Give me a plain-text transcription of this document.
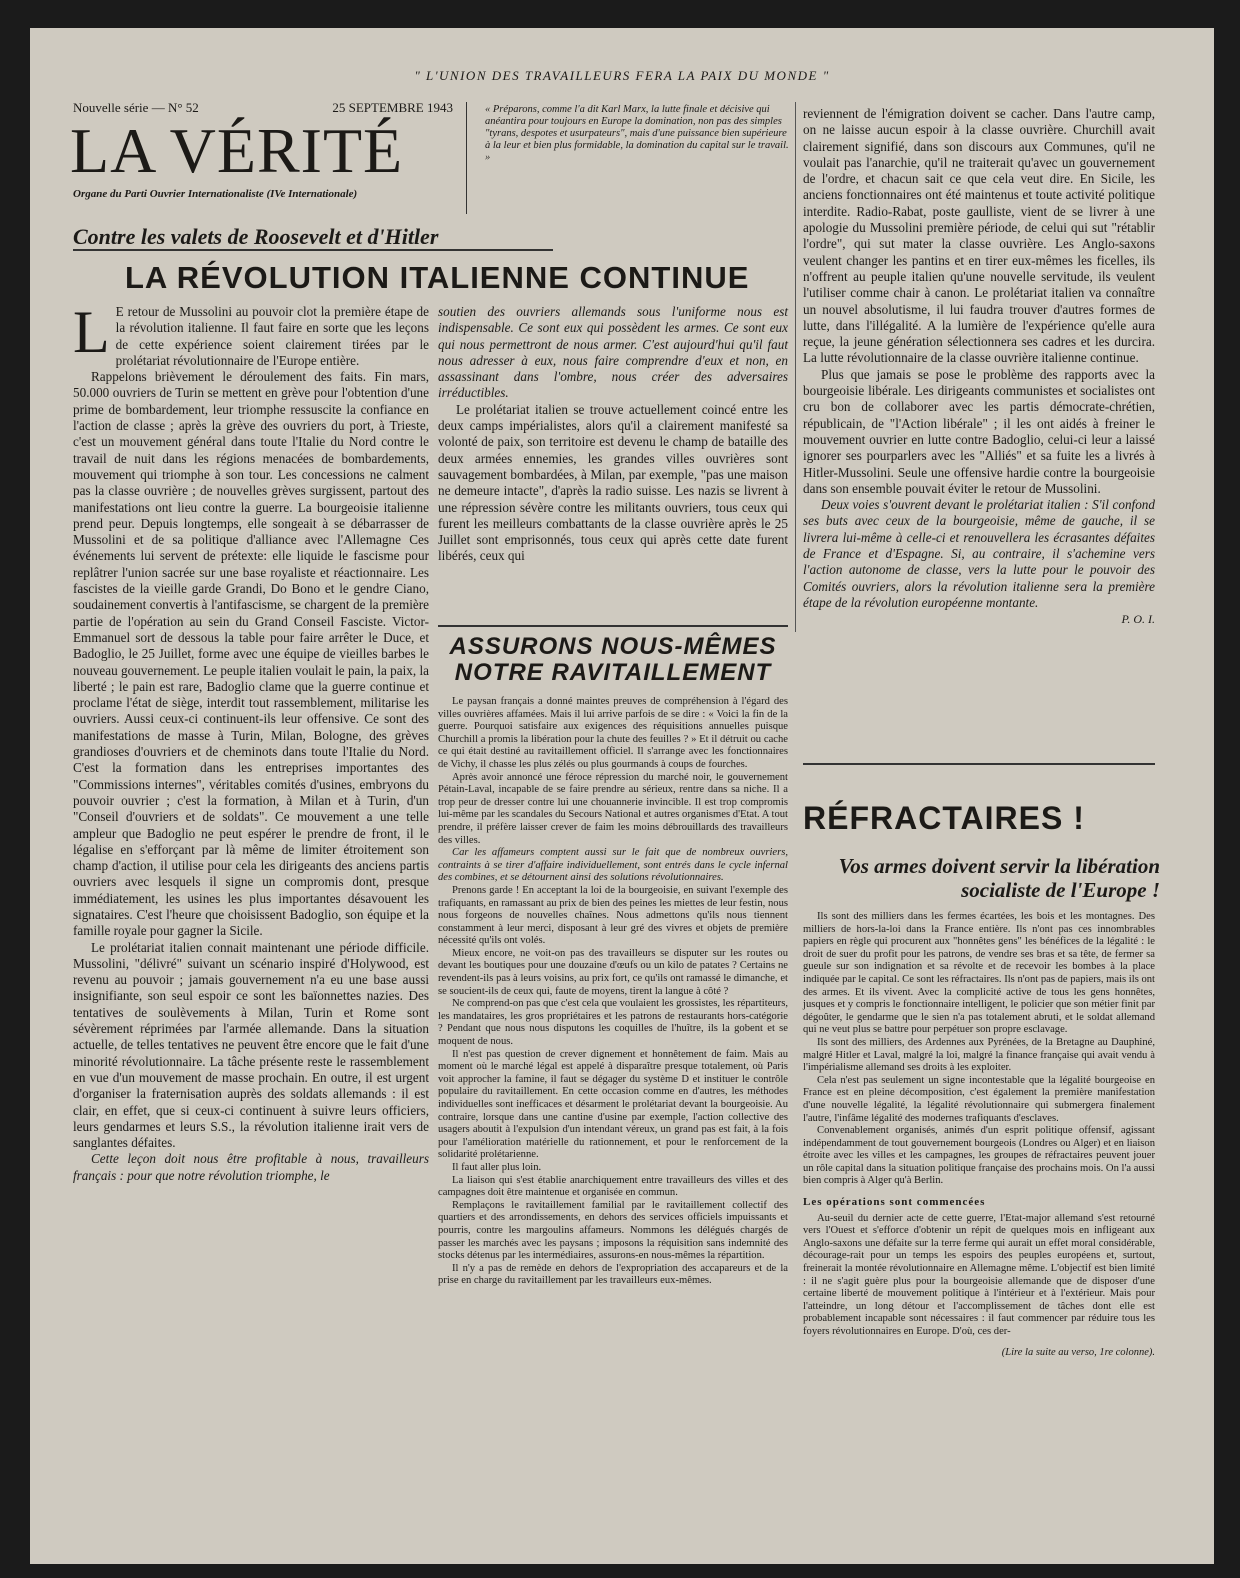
" L'UNION DES TRAVAILLEURS FERA LA PAIX DU MONDE "
Nouvelle série — N° 52	25 SEPTEMBRE 1943
LA VÉRITÉ
Organe du Parti Ouvrier Internationaliste (IVe Internationale)
« Préparons, comme l'a dit Karl Marx, la lutte finale et décisive qui anéantira pour toujours en Europe la domination, non pas des simples "tyrans, despotes et usurpateurs", mais d'une puissance bien supérieure à la leur et bien plus formidable, la domination du capital sur le travail. »
Contre les valets de Roosevelt et d'Hitler
LA RÉVOLUTION ITALIENNE CONTINUE

L E retour de Mussolini au pouvoir clot la première étape de la révolution italienne. Il faut faire en sorte que les leçons de cette expérience soient clairement tirées par le prolétariat révolutionnaire de l'Europe entière.

Rappelons brièvement le déroulement des faits. Fin mars, 50.000 ouvriers de Turin se mettent en grève pour l'obtention d'une prime de bombardement, leur triomphe ressuscite la confiance en l'action de classe ; après la grève des ouvriers du port, à Trieste, c'est un mouvement général dans toute l'Italie du Nord contre le travail de nuit dans les régions menacées de bombardements, mouvement qui triomphe à son tour. Les concessions ne calment pas la classe ouvrière ; de nouvelles grèves surgissent, partout des manifestations ont lieu contre la guerre. La bourgeoisie italienne prend peur. Depuis longtemps, elle songeait à se débarrasser de Mussolini et de sa politique d'alliance avec l'Allemagne Ces événements lui servent de prétexte: elle liquide le fascisme pour replâtrer l'union sacrée sur une base royaliste et réactionnaire. Les fascistes de la vieille garde Grandi, Do Bono et le gendre Ciano, soudainement convertis à l'antifascisme, se chargent de la première partie de l'opération au sein du Grand Conseil Fasciste. Victor-Emmanuel sort de dessous la table pour faire arrêter le Duce, et Badoglio, le 25 Juillet, forme avec une équipe de vieilles barbes le nouveau gouvernement. Le peuple italien voulait le pain, la paix, la liberté ; le pain est rare, Badoglio clame que la guerre continue et proclame l'état de siège, interdit tout rassemblement, militarise les ouvriers. Aussi ceux-ci continuent-ils leur offensive. Ce sont des manifestations de masse à Turin, Milan, Bologne, des grèves grandioses d'ouvriers et de cheminots dans toute l'Italie du Nord. C'est la formation dans les entreprises importantes des "Commissions internes", véritables comités d'usines, embryons du pouvoir ouvrier ; c'est la formation, à Milan et à Turin, d'un "Conseil d'ouvriers et de soldats". Ce mouvement a une telle ampleur que Badoglio ne peut espérer le prendre de front, il le légalise en s'efforçant par là même de limiter étroitement son champ d'action, il utilise pour cela les dirigeants des anciens partis ouvriers avec lesquels il signe un compromis dont, presque immédiatement, les usines les plus importantes désavouent les signataires. C'est l'heure que choisissent Badoglio, son équipe et la famille royale pour gagner la Sicile.

Le prolétariat italien connait maintenant une période difficile. Mussolini, "délivré" suivant un scénario inspiré d'Holywood, est revenu au pouvoir ; jamais gouvernement n'a eu une base aussi insignifiante, son seul espoir ce sont les baïonnettes nazies. Des tentatives de soulèvements à Milan, Turin et Rome sont sévèrement réprimées par l'armée allemande. Dans la situation actuelle, de telles tentatives ne peuvent être encore que le fait d'une minorité révolutionnaire. La tâche présente reste le rassemblement en vue d'un mouvement de masse prochain. En outre, il est urgent d'organiser la fraternisation auprès des soldats allemands : il est clair, en effet, que si ceux-ci continuent à suivre leurs officiers, leurs gendarmes et leurs S.S., la révolution italienne irait vers de sanglantes défaites.

Cette leçon doit nous être profitable à nous, travailleurs français : pour que notre révolution triomphe, le

soutien des ouvriers allemands sous l'uniforme nous est indispensable. Ce sont eux qui possèdent les armes. Ce sont eux qui nous permettront de nous armer. C'est aujourd'hui qu'il faut nous adresser à eux, nous faire comprendre d'eux et non, en assassinant dans l'ombre, nous créer des adversaires irréductibles.

Le prolétariat italien se trouve actuellement coincé entre les deux camps impérialistes, alors qu'il a clairement manifesté sa volonté de paix, son territoire est devenu le champ de bataille des deux armées ennemies, les grandes villes ouvrières sont sauvagement bombardées, à Milan, par exemple, "pas une maison ne demeure intacte", d'après la radio suisse. Les nazis se livrent à une répression sévère contre les militants ouvriers, tous ceux qui furent les meilleurs combattants de la classe ouvrière après le 25 Juillet sont emprisonnés, tous ceux qui après cette date furent libérés, ceux qui

reviennent de l'émigration doivent se cacher. Dans l'autre camp, on ne laisse aucun espoir à la classe ouvrière. Churchill avait clairement signifié, dans son discours aux Communes, qu'il ne voulait pas l'anarchie, qu'il ne traiterait qu'avec un gouvernement de l'ordre, et chacun sait ce que cela veut dire. En Sicile, les anciens fonctionnaires ont été maintenus et toute activité politique interdite. Radio-Rabat, poste gaulliste, vient de se livrer à une apologie du Mussolini première période, de celui qui sut "rétablir l'ordre", qui sut mater la classe ouvrière. Les Anglo-saxons veulent changer les pantins et en tirer eux-mêmes les ficelles, ils n'offrent au peuple italien qu'une nouvelle servitude, ils veulent l'utiliser comme chair à canon. Le prolétariat italien va connaître un nouvel absolutisme, il lui faudra trouver d'autres formes de lutte, dans l'illégalité. A la lumière de l'expérience qu'elle aura reçue, la jeune génération sélectionnera ses cadres et les durcira. La lutte révolutionnaire de la classe ouvrière italienne continue.

Plus que jamais se pose le problème des rapports avec la bourgeoisie libérale. Les dirigeants communistes et socialistes ont cru bon de collaborer avec les partis démocrate-chrétien, républicain, de "l'Action libérale" ; il les ont aidés à freiner le mouvement ouvrier en lutte contre Badoglio, celui-ci leur a laissé ignorer ses pourparlers avec les "Alliés" et sa fuite les a livrés à Hitler-Mussolini. Seule une offensive hardie contre la bourgeoisie dans son ensemble pouvait éviter le retour de Mussolini.

Deux voies s'ouvrent devant le prolétariat italien : S'il confond ses buts avec ceux de la bourgeoisie, même de gauche, il se livrera lui-même à celle-ci et renouvellera les écrasantes défaites de France et d'Espagne. Si, au contraire, il s'achemine vers l'action autonome de classe, vers la lutte pour le pouvoir des Comités ouvriers, alors la révolution italienne sera la première étape de la révolution européenne montante.

P. O. I.
ASSURONS NOUS-MÊMES
NOTRE RAVITAILLEMENT

Le paysan français a donné maintes preuves de compréhension à l'égard des villes ouvrières affamées. Mais il lui arrive parfois de se dire : « Voici la fin de la guerre. Pourquoi satisfaire aux exigences des réquisitions annuelles puisque Churchill a promis la libération pour la chute des feuilles ? » Et il détruit ou cache ce qui était destiné au ravitaillement officiel. Il s'arrange avec les fonctionnaires de Vichy, il chasse les plus zélés ou plus gourmands à coups de fourches.

Après avoir annoncé une féroce répression du marché noir, le gouvernement Pétain-Laval, incapable de se faire prendre au sérieux, rentre dans sa niche. Il a trop peur de dresser contre lui une chouannerie invincible. Il est trop compromis lui-même par les scandales du Secours National et autres organismes d'Etat. A tout prendre, il préfère laisser crever de faim les moins débrouillards des travailleurs des villes.

Car les affameurs comptent aussi sur le fait que de nombreux ouvriers, contraints à se tirer d'affaire individuellement, sont entrés dans le cycle infernal des combines, et se détournent ainsi des solutions révolutionnaires.

Prenons garde ! En acceptant la loi de la bourgeoisie, en suivant l'exemple des trafiquants, en ramassant au prix de bien des peines les miettes de leur festin, nous nous forgeons de nouvelles chaînes. Nous admettons qu'ils nous tiennent constamment à leur merci, disposant à leur gré des vivres et objets de première nécessité qu'ils ont volés.

Mieux encore, ne voit-on pas des travailleurs se disputer sur les routes ou devant les boutiques pour une douzaine d'œufs ou un kilo de patates ? Certains ne revendent-ils pas à leurs voisins, au prix fort, ce qu'ils ont ramassé le dimanche, et se soucient-ils de ceux qui, faute de moyens, tirent la langue à côté ?

Ne comprend-on pas que c'est cela que voulaient les grossistes, les répartiteurs, les mandataires, les gros propriétaires et les patrons de restaurants hors-catégorie ? Pendant que nous nous disputons les coquilles de l'huître, ils la gobent et se moquent de nous.

Il n'est pas question de crever dignement et honnêtement de faim. Mais au moment où le marché légal est appelé à disparaître presque totalement, où Paris voit approcher la famine, il faut se dégager du système D et instituer le contrôle populaire du ravitaillement. En cette occasion comme en d'autres, les méthodes individuelles sont inefficaces et désarment le prolétariat devant la bourgeoisie. Au contraire, lorsque dans une cantine d'usine par exemple, l'action collective des usagers aboutit à l'expulsion d'un intendant véreux, un grand pas est fait, à la fois pour l'amélioration matérielle du rationnement, et pour le renforcement de la solidarité prolétarienne.

Il faut aller plus loin.

La liaison qui s'est établie anarchiquement entre travailleurs des villes et des campagnes doit être maintenue et organisée en commun.

Remplaçons le ravitaillement familial par le ravitaillement collectif des quartiers et des arrondissements, en dehors des services officiels impuissants et pourris, contre les margoulins affameurs. Nommons les délégués chargés de passer les marchés avec les paysans ; imposons la réquisition sans indemnité des stocks détenus par les intermédiaires, assurons-en nous-mêmes la répartition.

Il n'y a pas de remède en dehors de l'expropriation des accapareurs et de la prise en charge du ravitaillement par les travailleurs eux-mêmes.

RÉFRACTAIRES !
Vos armes doivent servir la libération socialiste de l'Europe !

Ils sont des milliers dans les fermes écartées, les bois et les montagnes. Des milliers de hors-la-loi dans la France entière. Ils n'ont pas ces innombrables papiers en règle qui procurent aux "honnêtes gens" les bénéfices de la légalité : le droit de suer du profit pour les patrons, de vendre ses bras et sa tête, de fermer sa gueule sur son indignation et sa révolte et de recevoir les bombes à la place indiquée par le capital. Ce sont les réfractaires. Ils n'ont pas de papiers, mais ils ont des armes. Et ils vivent. Avec la complicité active de tous les gens honnêtes, jusques et y compris le fonctionnaire intelligent, le policier que son métier finit par dégoûter, le gendarme que le sien n'a pas totalement abruti, et le soldat allemand qui ne veut plus se battre pour perpétuer son propre esclavage.

Ils sont des milliers, des Ardennes aux Pyrénées, de la Bretagne au Dauphiné, malgré Hitler et Laval, malgré la loi, malgré la finance française qui avait vendu à l'impérialisme allemand ses droits à les exploiter.

Cela n'est pas seulement un signe incontestable que la légalité bourgeoise en France est en pleine décomposition, c'est également la première manifestation d'une nouvelle légalité, la légalité révolutionnaire qui submergera finalement l'autre, l'infâme légalité des modernes trafiquants d'esclaves.

Convenablement organisés, animés d'un esprit politique offensif, agissant indépendamment de tout gouvernement bourgeois (Londres ou Alger) et en liaison étroite avec les villes et les campagnes, les groupes de réfractaires peuvent jouer un rôle capital dans la situation politique française des prochains mois. On l'a aussi bien compris à Alger qu'à Berlin.

Les opérations sont commencées

Au-seuil du dernier acte de cette guerre, l'Etat-major allemand s'est retourné vers l'Ouest et s'efforce d'obtenir un répit de quelques mois en infligeant aux Anglo-saxons une défaite sur la terre ferme qui aurait un effet moral considérable, décourage-rait pour un temps les espoirs des peuples européens et, surtout, freinerait la montée révolutionnaire en Allemagne même. L'objectif est bien limité : il ne s'agit guère plus pour la bourgeoisie allemande que de disposer d'une certaine liberté de mouvement politique à l'intérieur et à l'extérieur. Mais pour l'atteindre, un long détour et l'accomplissement de tâches dont elle est probablement incapable sont nécessaires : il faut commencer par réduire tous les foyers révolutionnaires en Europe. D'où, ces der-

(Lire la suite au verso, 1re colonne).
